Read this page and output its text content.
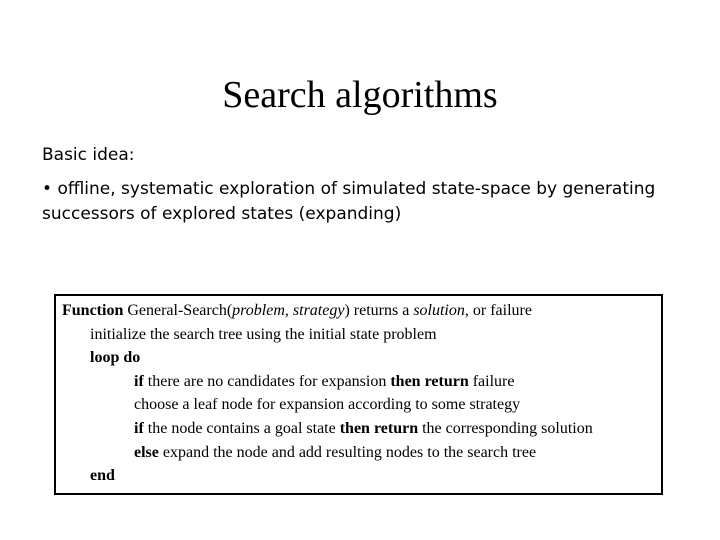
Search algorithms

Basic idea:

• offline, systematic exploration of simulated state-space by generating successors of explored states (expanding)

Function General-Search(problem, strategy) returns a solution, or failure
initialize the search tree using the initial state problem
loop do
if there are no candidates for expansion then return failure
choose a leaf node for expansion according to some strategy
if the node contains a goal state then return the corresponding solution
else expand the node and add resulting nodes to the search tree
end
